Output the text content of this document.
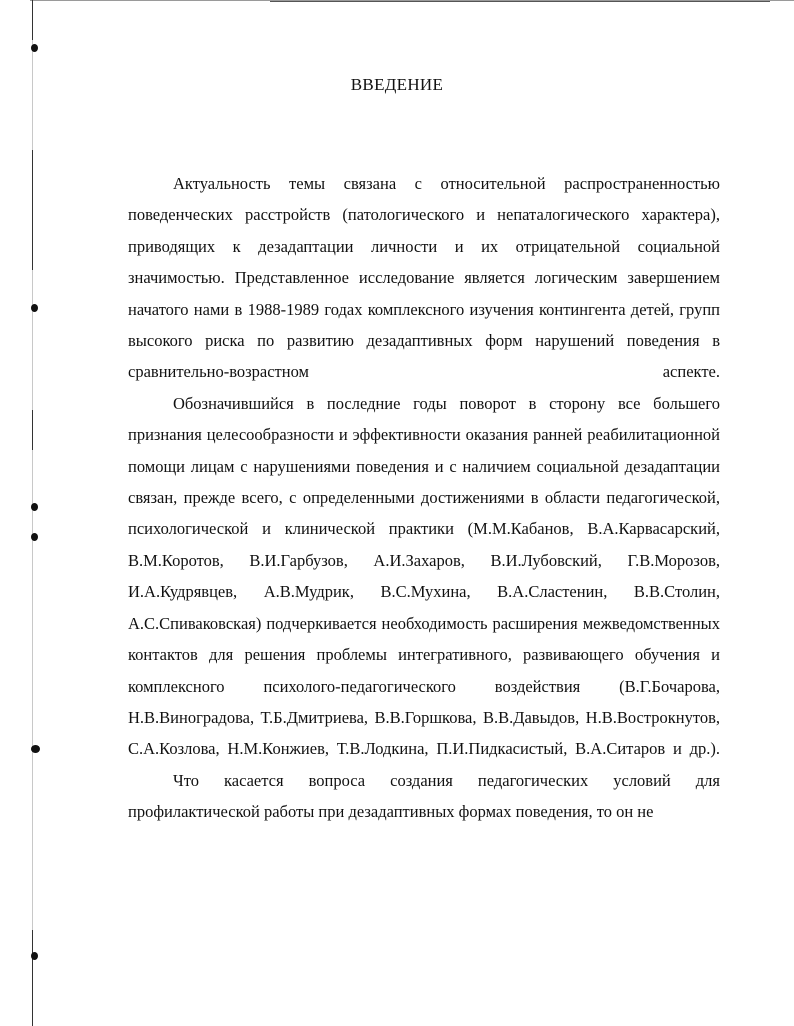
ВВЕДЕНИЕ

Актуальность темы связана с относительной распространенностью поведенческих расстройств (патологического и непаталогического характера), приводящих к дезадаптации личности и их отрицательной социальной значимостью. Представленное исследование является логическим завершением начатого нами в 1988-1989 годах комплексного изучения контингента детей, групп высокого риска по развитию дезадаптивных форм нарушений поведения в сравнительно-возрастном аспекте.

Обозначившийся в последние годы поворот в сторону все большего признания целесообразности и эффективности оказания ранней реабилитационной помощи лицам с нарушениями поведения и с наличием социальной дезадаптации связан, прежде всего, с определенными достижениями в области педагогической, психологической и клинической практики (М.М.Кабанов, В.А.Карвасарский, В.М.Коротов, В.И.Гарбузов, А.И.Захаров, В.И.Лубовский, Г.В.Морозов, И.А.Кудрявцев, А.В.Мудрик, В.С.Мухина, В.А.Сластенин, В.В.Столин, А.С.Спиваковская) подчеркивается необходимость расширения межведомственных контактов для решения проблемы интегративного, развивающего обучения и комплексного психолого-педагогического воздействия (В.Г.Бочарова, Н.В.Виноградова, Т.Б.Дмитриева, В.В.Горшкова, В.В.Давыдов, Н.В.Вострокнутов, С.А.Козлова, Н.М.Конжиев, Т.В.Лодкина, П.И.Пидкасистый, В.А.Ситаров и др.).

Что касается вопроса создания педагогических условий для профилактической работы при дезадаптивных формах поведения, то он не
